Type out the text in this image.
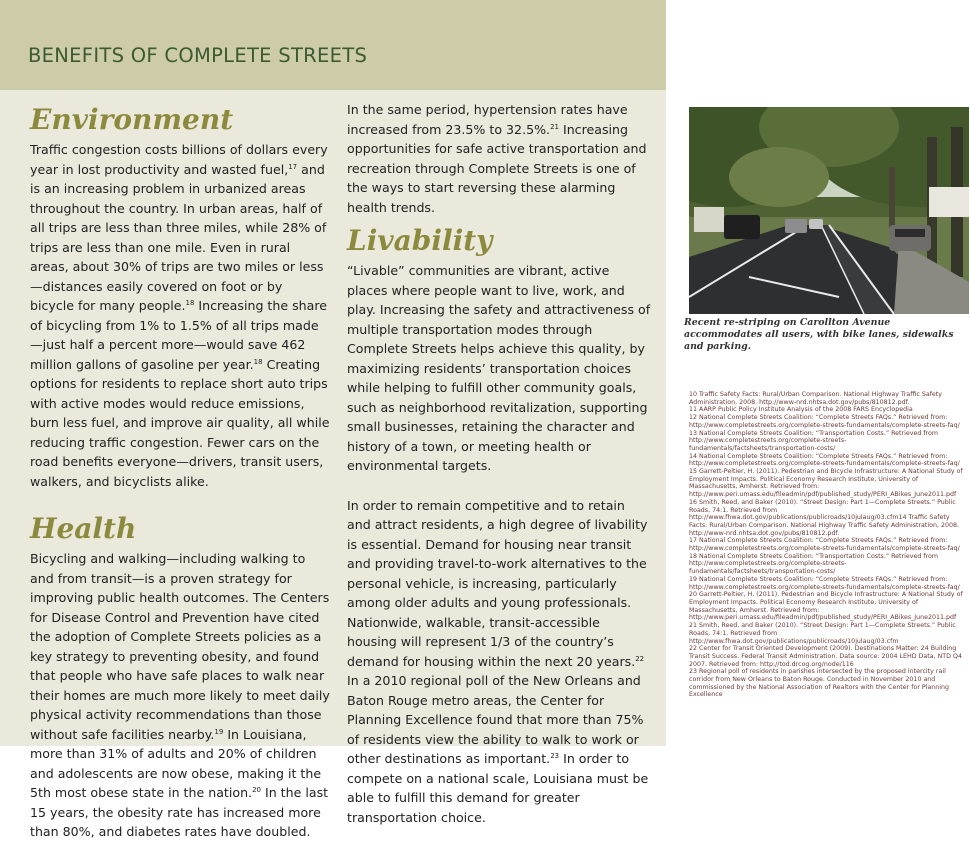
BENEFITS OF COMPLETE STREETS
Environment

Traffic congestion costs billions of dollars every year in lost productivity and wasted fuel,$^{17}$ and is an increasing problem in urbanized areas throughout the country. In urban areas, half of all trips are less than three miles, while 28% of trips are less than one mile. Even in rural areas, about 30% of trips are two miles or less—distances easily covered on foot or by bicycle for many people.$^{18}$ Increasing the share of bicycling from 1% to 1.5% of all trips made—just half a percent more—would save 462 million gallons of gasoline per year.$^{18}$ Creating options for residents to replace short auto trips with active modes would reduce emissions, burn less fuel, and improve air quality, all while reducing traffic congestion. Fewer cars on the road benefits everyone—drivers, transit users, walkers, and bicyclists alike.

Health

Bicycling and walking—including walking to and from transit—is a proven strategy for improving public health outcomes. The Centers for Disease Control and Prevention have cited the adoption of Complete Streets policies as a key strategy to preventing obesity, and found that people who have safe places to walk near their homes are much more likely to meet daily physical activity recommendations than those without safe facilities nearby.$^{19}$ In Louisiana, more than 31% of adults and 20% of children and adolescents are now obese, making it the 5th most obese state in the nation.$^{20}$ In the last 15 years, the obesity rate has increased more than 80%, and diabetes rates have doubled.

In the same period, hypertension rates have increased from 23.5% to 32.5%.$^{21}$ Increasing opportunities for safe active transportation and recreation through Complete Streets is one of the ways to start reversing these alarming health trends.

Livability

“Livable” communities are vibrant, active places where people want to live, work, and play. Increasing the safety and attractiveness of multiple transportation modes through Complete Streets helps achieve this quality, by maximizing residents’ transportation choices while helping to fulfill other community goals, such as neighborhood revitalization, supporting small businesses, retaining the character and history of a town, or meeting health or environmental targets.

In order to remain competitive and to retain and attract residents, a high degree of livability is essential. Demand for housing near transit and providing travel-to-work alternatives to the personal vehicle, is increasing, particularly among older adults and young professionals. Nationwide, walkable, transit-accessible housing will represent 1/3 of the country’s demand for housing within the next 20 years.$^{22}$ In a 2010 regional poll of the New Orleans and Baton Rouge metro areas, the Center for Planning Excellence found that more than 75% of residents view the ability to walk to work or other destinations as important.$^{23}$ In order to compete on a national scale, Louisiana must be able to fulfill this demand for greater transportation choice.

Recent re-striping on Carollton Avenue accommodates all users, with bike lanes, sidewalks and parking.

10 Traffic Safety Facts: Rural/Urban Comparison. National Highway Traffic Safety Administration, 2008. http://www-nrd.nhtsa.dot.gov/pubs/810812.pdf.

11 AARP Public Policy Institute Analysis of the 2008 FARS Encyclopedia

12 National Complete Streets Coalition: “Complete Streets FAQs.” Retrieved from: http://www.completestreets.org/complete-streets-fundamentals/complete-streets-faq/

13 National Complete Streets Coalition: “Transportation Costs.” Retrieved from http://www.completestreets.org/complete-streets-fundamentals/factsheets/transportation-costs/

14 National Complete Streets Coalition: “Complete Streets FAQs.” Retrieved from: http://www.completestreets.org/complete-streets-fundamentals/complete-streets-faq/

15 Garrett-Peltier, H. (2011). Pedestrian and Bicycle Infrastructure: A National Study of Employment Impacts. Political Economy Research Institute, University of Massachusetts, Amherst. Retrieved from: http://www.peri.umass.edu/fileadmin/pdf/published_study/PERI_ABikes_June2011.pdf

16 Smith, Reed, and Baker (2010). “Street Design: Part 1—Complete Streets.” Public Roads, 74:1. Retrieved from http://www.fhwa.dot.gov/publications/publicroads/10julaug/03.cfm14 Traffic Safety Facts: Rural/Urban Comparison. National Highway Traffic Safety Administration, 2008. http://www-nrd.nhtsa.dot.gov/pubs/810812.pdf.

17 National Complete Streets Coalition: “Complete Streets FAQs.” Retrieved from: http://www.completestreets.org/complete-streets-fundamentals/complete-streets-faq/

18 National Complete Streets Coalition: “Transportation Costs.” Retrieved from http://www.completestreets.org/complete-streets-fundamentals/factsheets/transportation-costs/

19 National Complete Streets Coalition: “Complete Streets FAQs.” Retrieved from: http://www.completestreets.org/complete-streets-fundamentals/complete-streets-faq/

20 Garrett-Peltier, H. (2011). Pedestrian and Bicycle Infrastructure: A National Study of Employment Impacts. Political Economy Research Institute, University of Massachusetts, Amherst. Retrieved from: http://www.peri.umass.edu/fileadmin/pdf/published_study/PERI_ABikes_June2011.pdf

21 Smith, Reed, and Baker (2010). “Street Design: Part 1—Complete Streets.” Public Roads, 74:1. Retrieved from http://www.fhwa.dot.gov/publications/publicroads/10julaug/03.cfm

22 Center for Transit Oriented Development (2009). Destinations Matter: 24 Building Transit Success. Federal Transit Administration. Data source: 2004 LEHD Data, NTD Q4 2007. Retrieved from: http://tod.drcog.org/node/116

23 Regional poll of residents in parishes intersected by the proposed intercity rail corridor from New Orleans to Baton Rouge. Conducted in November 2010 and commissioned by the National Association of Realtors with the Center for Planning Excellence
